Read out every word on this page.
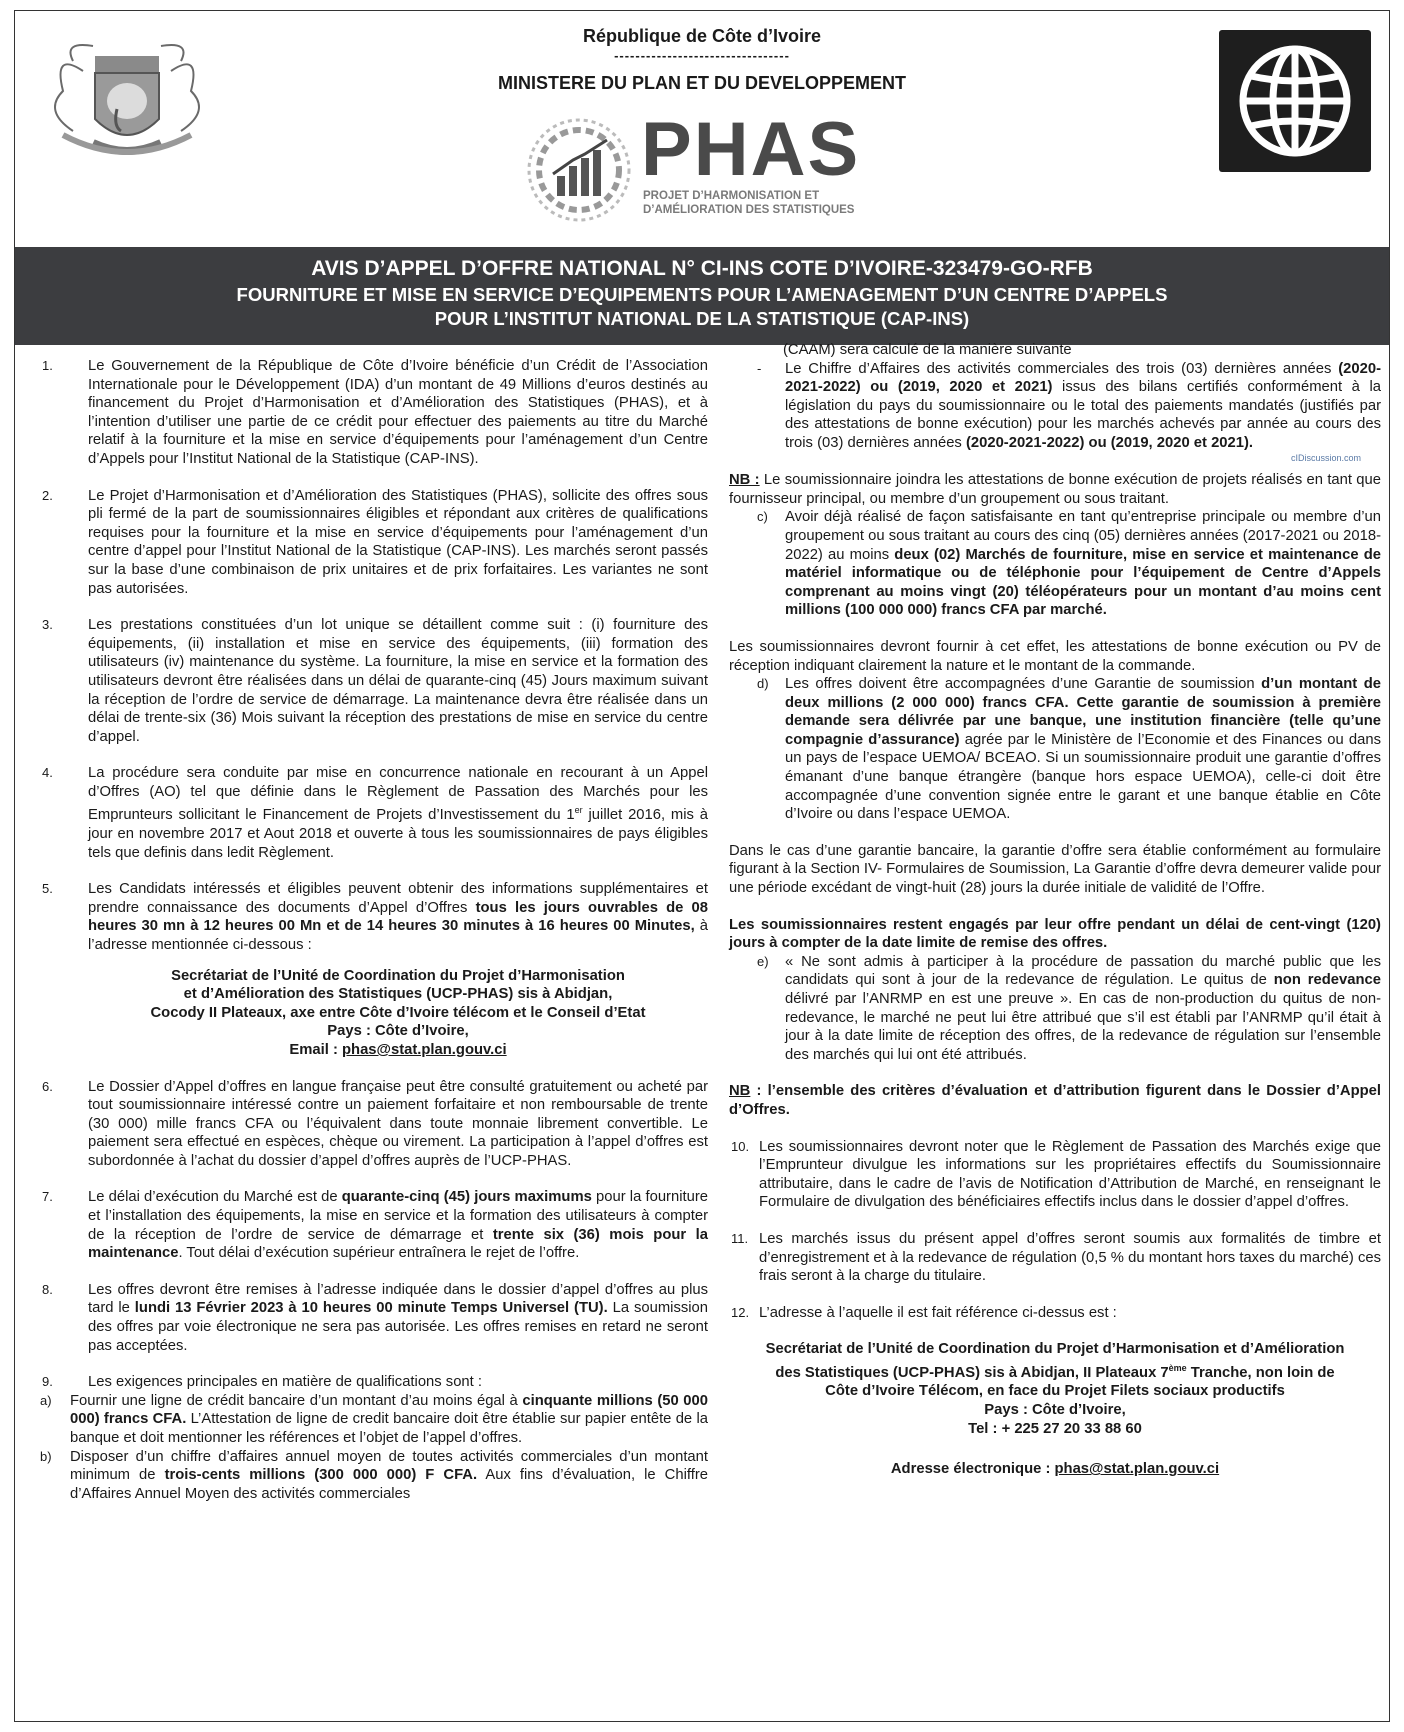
République de Côte d’Ivoire
---------------------------------
MINISTERE DU PLAN ET DU DEVELOPPEMENT
PHAS
PROJET D’HARMONISATION ET
D’AMÉLIORATION DES STATISTIQUES
AVIS D’APPEL D’OFFRE NATIONAL N° CI-INS COTE D’IVOIRE-323479-GO-RFB
FOURNITURE ET MISE EN SERVICE D’EQUIPEMENTS POUR L’AMENAGEMENT D’UN CENTRE D’APPELS
POUR L’INSTITUT NATIONAL DE LA STATISTIQUE (CAP-INS)
1.	Le Gouvernement de la République de Côte d’Ivoire bénéficie d’un Crédit de l’Association Internationale pour le Développement (IDA) d’un montant de 49 Millions d’euros destinés au financement du Projet d’Harmonisation et d’Amélioration des Statistiques (PHAS), et à l’intention d’utiliser une partie de ce crédit pour effectuer des paiements au titre du Marché relatif à la fourniture et la mise en service d’équipements pour l’aménagement d’un Centre d’Appels pour l’Institut National de la Statistique (CAP-INS).
2.	Le Projet d’Harmonisation et d’Amélioration des Statistiques (PHAS), sollicite des offres sous pli fermé de la part de soumissionnaires éligibles et répondant aux critères de qualifications requises pour la fourniture et la mise en service d’équipements pour l’aménagement d’un centre d’appel pour l’Institut National de la Statistique (CAP-INS). Les marchés seront passés sur la base d’une combinaison de prix unitaires et de prix forfaitaires. Les variantes ne sont pas autorisées.
3.	Les prestations constituées d’un lot unique se détaillent comme suit : (i) fourniture des équipements, (ii) installation et mise en service des équipements, (iii) formation des utilisateurs (iv) maintenance du système. La fourniture, la mise en service et la formation des utilisateurs devront être réalisées dans un délai de quarante-cinq (45) Jours maximum suivant la réception de l’ordre de service de démarrage. La maintenance devra être réalisée dans un délai de trente-six (36) Mois suivant la réception des prestations de mise en service du centre d’appel.
4.	La procédure sera conduite par mise en concurrence nationale en recourant à un Appel d’Offres (AO) tel que définie dans le Règlement de Passation des Marchés pour les Emprunteurs sollicitant le Financement de Projets d’Investissement du 1er juillet 2016, mis à jour en novembre 2017 et Aout 2018 et ouverte à tous les soumissionnaires de pays éligibles tels que definis dans ledit Règlement.
5.	Les Candidats intéressés et éligibles peuvent obtenir des informations supplémentaires et prendre connaissance des documents d’Appel d’Offres tous les jours ouvrables de 08 heures 30 mn à 12 heures 00 Mn et de 14 heures 30 minutes à 16 heures 00 Minutes, à l’adresse mentionnée ci-dessous :
Secrétariat de l’Unité de Coordination du Projet d’Harmonisation
et d’Amélioration des Statistiques (UCP-PHAS) sis à Abidjan,
Cocody II Plateaux, axe entre Côte d’Ivoire télécom et le Conseil d’Etat
Pays : Côte d’Ivoire,
Email : phas@stat.plan.gouv.ci
6.	Le Dossier d’Appel d’offres en langue française peut être consulté gratuitement ou acheté par tout soumissionnaire intéressé contre un paiement forfaitaire et non remboursable de trente (30 000) mille francs CFA ou l’équivalent dans toute monnaie librement convertible. Le paiement sera effectué en espèces, chèque ou virement. La participation à l’appel d’offres est subordonnée à l’achat du dossier d’appel d’offres auprès de l’UCP-PHAS.
7.	Le délai d’exécution du Marché est de quarante-cinq (45) jours maximums pour la fourniture et l’installation des équipements, la mise en service et la formation des utilisateurs à compter de la réception de l’ordre de service de démarrage et trente six (36) mois pour la maintenance. Tout délai d’exécution supérieur entraînera le rejet de l’offre.
8.	Les offres devront être remises à l’adresse indiquée dans le dossier d’appel d’offres au plus tard le lundi 13 Février 2023 à 10 heures 00 minute Temps Universel (TU). La soumission des offres par voie électronique ne sera pas autorisée. Les offres remises en retard ne seront pas acceptées.
9.	Les exigences principales en matière de qualifications sont :
a)	Fournir une ligne de crédit bancaire d’un montant d’au moins égal à cinquante millions (50 000 000) francs CFA. L’Attestation de ligne de credit bancaire doit être établie sur papier entête de la banque et doit mentionner les références et l’objet de l’appel d’offres.
b)	Disposer d’un chiffre d’affaires annuel moyen de toutes activités commerciales d’un montant minimum de trois-cents millions (300 000 000) F CFA. Aux fins d’évaluation, le Chiffre d’Affaires Annuel Moyen des activités commerciales
(CAAM) sera calculé de la manière suivante
-	Le Chiffre d’Affaires des activités commerciales des trois (03) dernières années (2020-2021-2022) ou (2019, 2020 et 2021) issus des bilans certifiés conformément à la législation du pays du soumissionnaire ou le total des paiements mandatés (justifiés par des attestations de bonne exécution) pour les marchés achevés par année au cours des trois (03) dernières années (2020-2021-2022) ou (2019, 2020 et 2021).
cIDiscussion.com
NB : Le soumissionnaire joindra les attestations de bonne exécution de projets réalisés en tant que fournisseur principal, ou membre d’un groupement ou sous traitant.
c)	Avoir déjà réalisé de façon satisfaisante en tant qu’entreprise principale ou membre d’un groupement ou sous traitant au cours des cinq (05) dernières années (2017-2021 ou 2018-2022) au moins deux (02) Marchés de fourniture, mise en service et maintenance de matériel informatique ou de téléphonie pour l’équipement de Centre d’Appels comprenant au moins vingt (20) téléopérateurs pour un montant d’au moins cent millions (100 000 000) francs CFA par marché.
Les soumissionnaires devront fournir à cet effet, les attestations de bonne exécution ou PV de réception indiquant clairement la nature et le montant de la commande.
d)	Les offres doivent être accompagnées d’une Garantie de soumission d’un montant de deux millions (2 000 000) francs CFA. Cette garantie de soumission à première demande sera délivrée par une banque, une institution financière (telle qu’une compagnie d’assurance) agrée par le Ministère de l’Economie et des Finances ou dans un pays de l’espace UEMOA/ BCEAO. Si un soumissionnaire produit une garantie d’offres émanant d’une banque étrangère (banque hors espace UEMOA), celle-ci doit être accompagnée d’une convention signée entre le garant et une banque établie en Côte d’Ivoire ou dans l’espace UEMOA.
Dans le cas d’une garantie bancaire, la garantie d’offre sera établie conformément au formulaire figurant à la Section IV- Formulaires de Soumission, La Garantie d’offre devra demeurer valide pour une période excédant de vingt-huit (28) jours la durée initiale de validité de l’Offre.
Les soumissionnaires restent engagés par leur offre pendant un délai de cent-vingt (120) jours à compter de la date limite de remise des offres.
e)	« Ne sont admis à participer à la procédure de passation du marché public que les candidats qui sont à jour de la redevance de régulation. Le quitus de non redevance délivré par l’ANRMP en est une preuve ». En cas de non-production du quitus de non-redevance, le marché ne peut lui être attribué que s’il est établi par l’ANRMP qu’il était à jour à la date limite de réception des offres, de la redevance de régulation sur l’ensemble des marchés qui lui ont été attribués.
NB : l’ensemble des critères d’évaluation et d’attribution figurent dans le Dossier d’Appel d’Offres.
10. Les soumissionnaires devront noter que le Règlement de Passation des Marchés exige que l’Emprunteur divulgue les informations sur les propriétaires effectifs du Soumissionnaire attributaire, dans le cadre de l’avis de Notification d’Attribution de Marché, en renseignant le Formulaire de divulgation des bénéficiaires effectifs inclus dans le dossier d’appel d’offres.
11. Les marchés issus du présent appel d’offres seront soumis aux formalités de timbre et d’enregistrement et à la redevance de régulation (0,5 % du montant hors taxes du marché) ces frais seront à la charge du titulaire.
12. L’adresse à l’aquelle il est fait référence ci-dessus est :
Secrétariat de l’Unité de Coordination du Projet d’Harmonisation et d’Amélioration
des Statistiques (UCP-PHAS) sis à Abidjan, II Plateaux 7ème Tranche, non loin de
Côte d’Ivoire Télécom, en face du Projet Filets sociaux productifs
Pays : Côte d’Ivoire,
Tel : + 225 27 20 33 88 60
Adresse électronique : phas@stat.plan.gouv.ci
